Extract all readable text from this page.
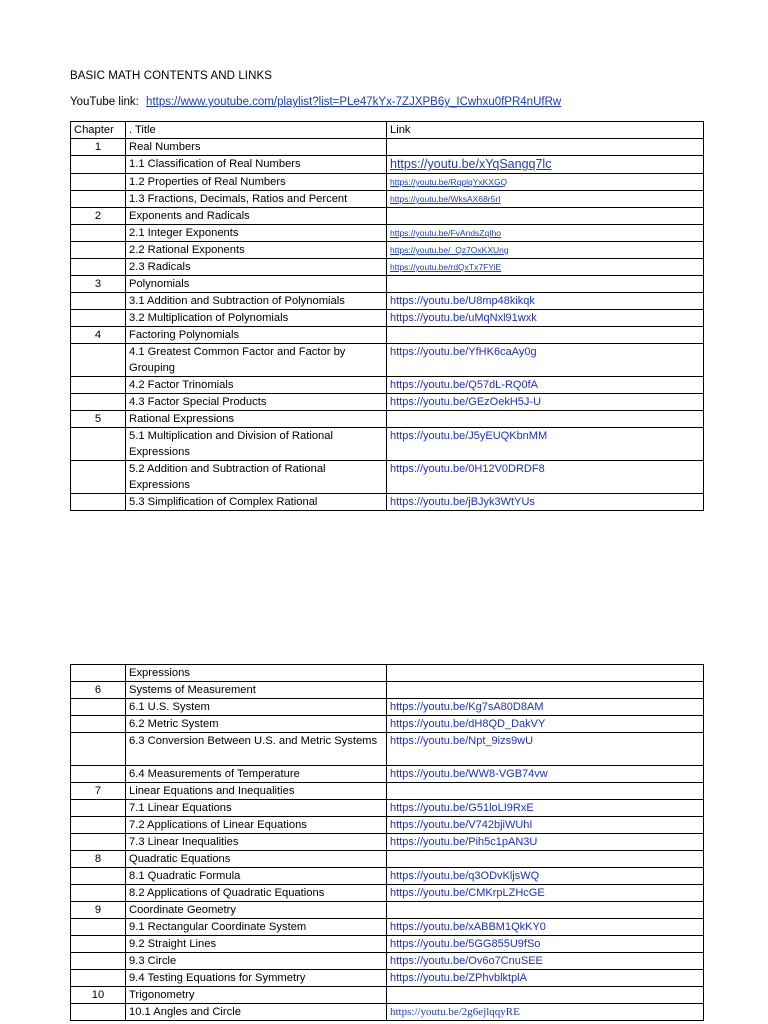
BASIC MATH CONTENTS AND LINKS
YouTube link: https://www.youtube.com/playlist?list=PLe47kYx-7ZJXPB6y_ICwhxu0fPR4nUfRw
Chapter	. Title	Link
1	Real Numbers	
	1.1 Classification of Real Numbers	https://youtu.be/xYqSangq7lc
	1.2 Properties of Real Numbers	https://youtu.be/RqplqYxKXGQ
	1.3 Fractions, Decimals, Ratios and Percent	https://youtu.be/WksAX68r5rI
2	Exponents and Radicals	
	2.1 Integer Exponents	https://youtu.be/FvAndsZqIho
	2.2 Rational Exponents	https://youtu.be/_Qz7OxKXUng
	2.3 Radicals	https://youtu.be/rdQxTx7FYiE
3	Polynomials	
	3.1 Addition and Subtraction of Polynomials	https://youtu.be/U8mp48kikqk
	3.2 Multiplication of Polynomials	https://youtu.be/uMqNxl91wxk
4	Factoring Polynomials	
	4.1 Greatest Common Factor and Factor by Grouping	https://youtu.be/YfHK6caAy0g
	4.2 Factor Trinomials	https://youtu.be/Q57dL-RQ0fA
	4.3 Factor Special Products	https://youtu.be/GEzOekH5J-U
5	Rational Expressions	
	5.1 Multiplication and Division of Rational Expressions	https://youtu.be/J5yEUQKbnMM
	5.2 Addition and Subtraction of Rational Expressions	https://youtu.be/0H12V0DRDF8
	5.3 Simplification of Complex Rational	https://youtu.be/jBJyk3WtYUs
	Expressions	
6	Systems of Measurement	
	6.1 U.S. System	https://youtu.be/Kg7sA80D8AM
	6.2 Metric System	https://youtu.be/dH8QD_DakVY
	6.3 Conversion Between U.S. and Metric Systems	https://youtu.be/Npt_9izs9wU
	6.4 Measurements of Temperature	https://youtu.be/WW8-VGB74vw
7	Linear Equations and Inequalities	
	7.1 Linear Equations	https://youtu.be/G51loLI9RxE
	7.2 Applications of Linear Equations	https://youtu.be/V742bjiWUhI
	7.3 Linear Inequalities	https://youtu.be/Pih5c1pAN3U
8	Quadratic Equations	
	8.1 Quadratic Formula	https://youtu.be/q3ODvKljsWQ
	8.2 Applications of Quadratic Equations	https://youtu.be/CMKrpLZHcGE
9	Coordinate Geometry	
	9.1 Rectangular Coordinate System	https://youtu.be/xABBM1QkKY0
	9.2 Straight Lines	https://youtu.be/5GG855U9fSo
	9.3 Circle	https://youtu.be/Ov6o7CnuSEE
	9.4 Testing Equations for Symmetry	https://youtu.be/ZPhvblktplA
10	Trigonometry	
	10.1 Angles and Circle	https://youtu.be/2g6ejlqqyRE
